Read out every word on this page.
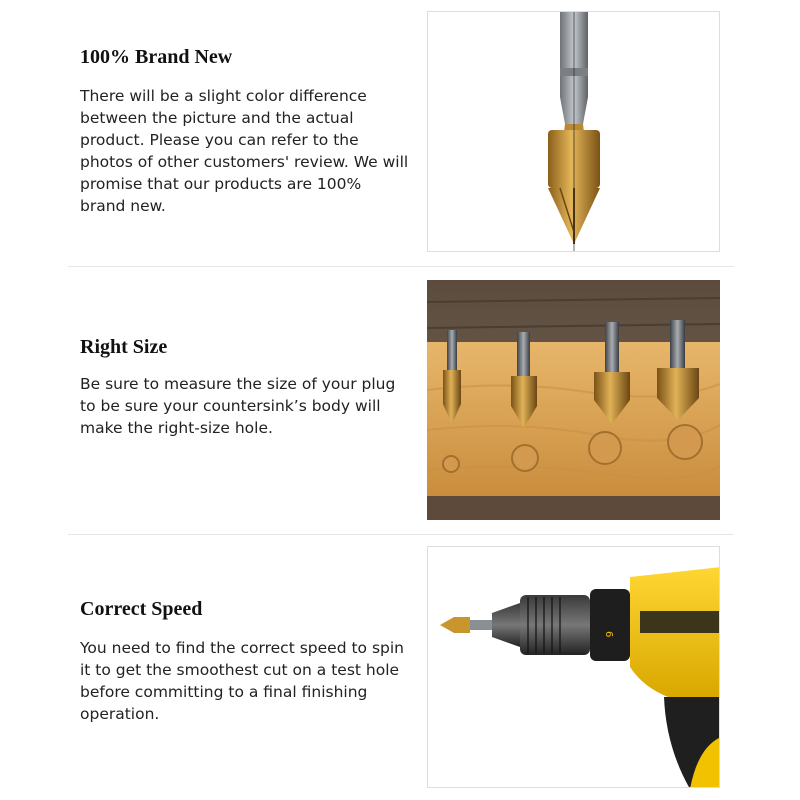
100% Brand New

There will be a slight color difference between the picture and the actual product. Please you can refer to the photos of other customers' review. We will promise that our products are 100% brand new.

Right Size

Be sure to measure the size of your plug to be sure your countersink’s body will make the right-size hole.

Correct Speed

You need to find the correct speed to spin it to get the smoothest cut on a test hole before committing to a final finishing operation.

6
